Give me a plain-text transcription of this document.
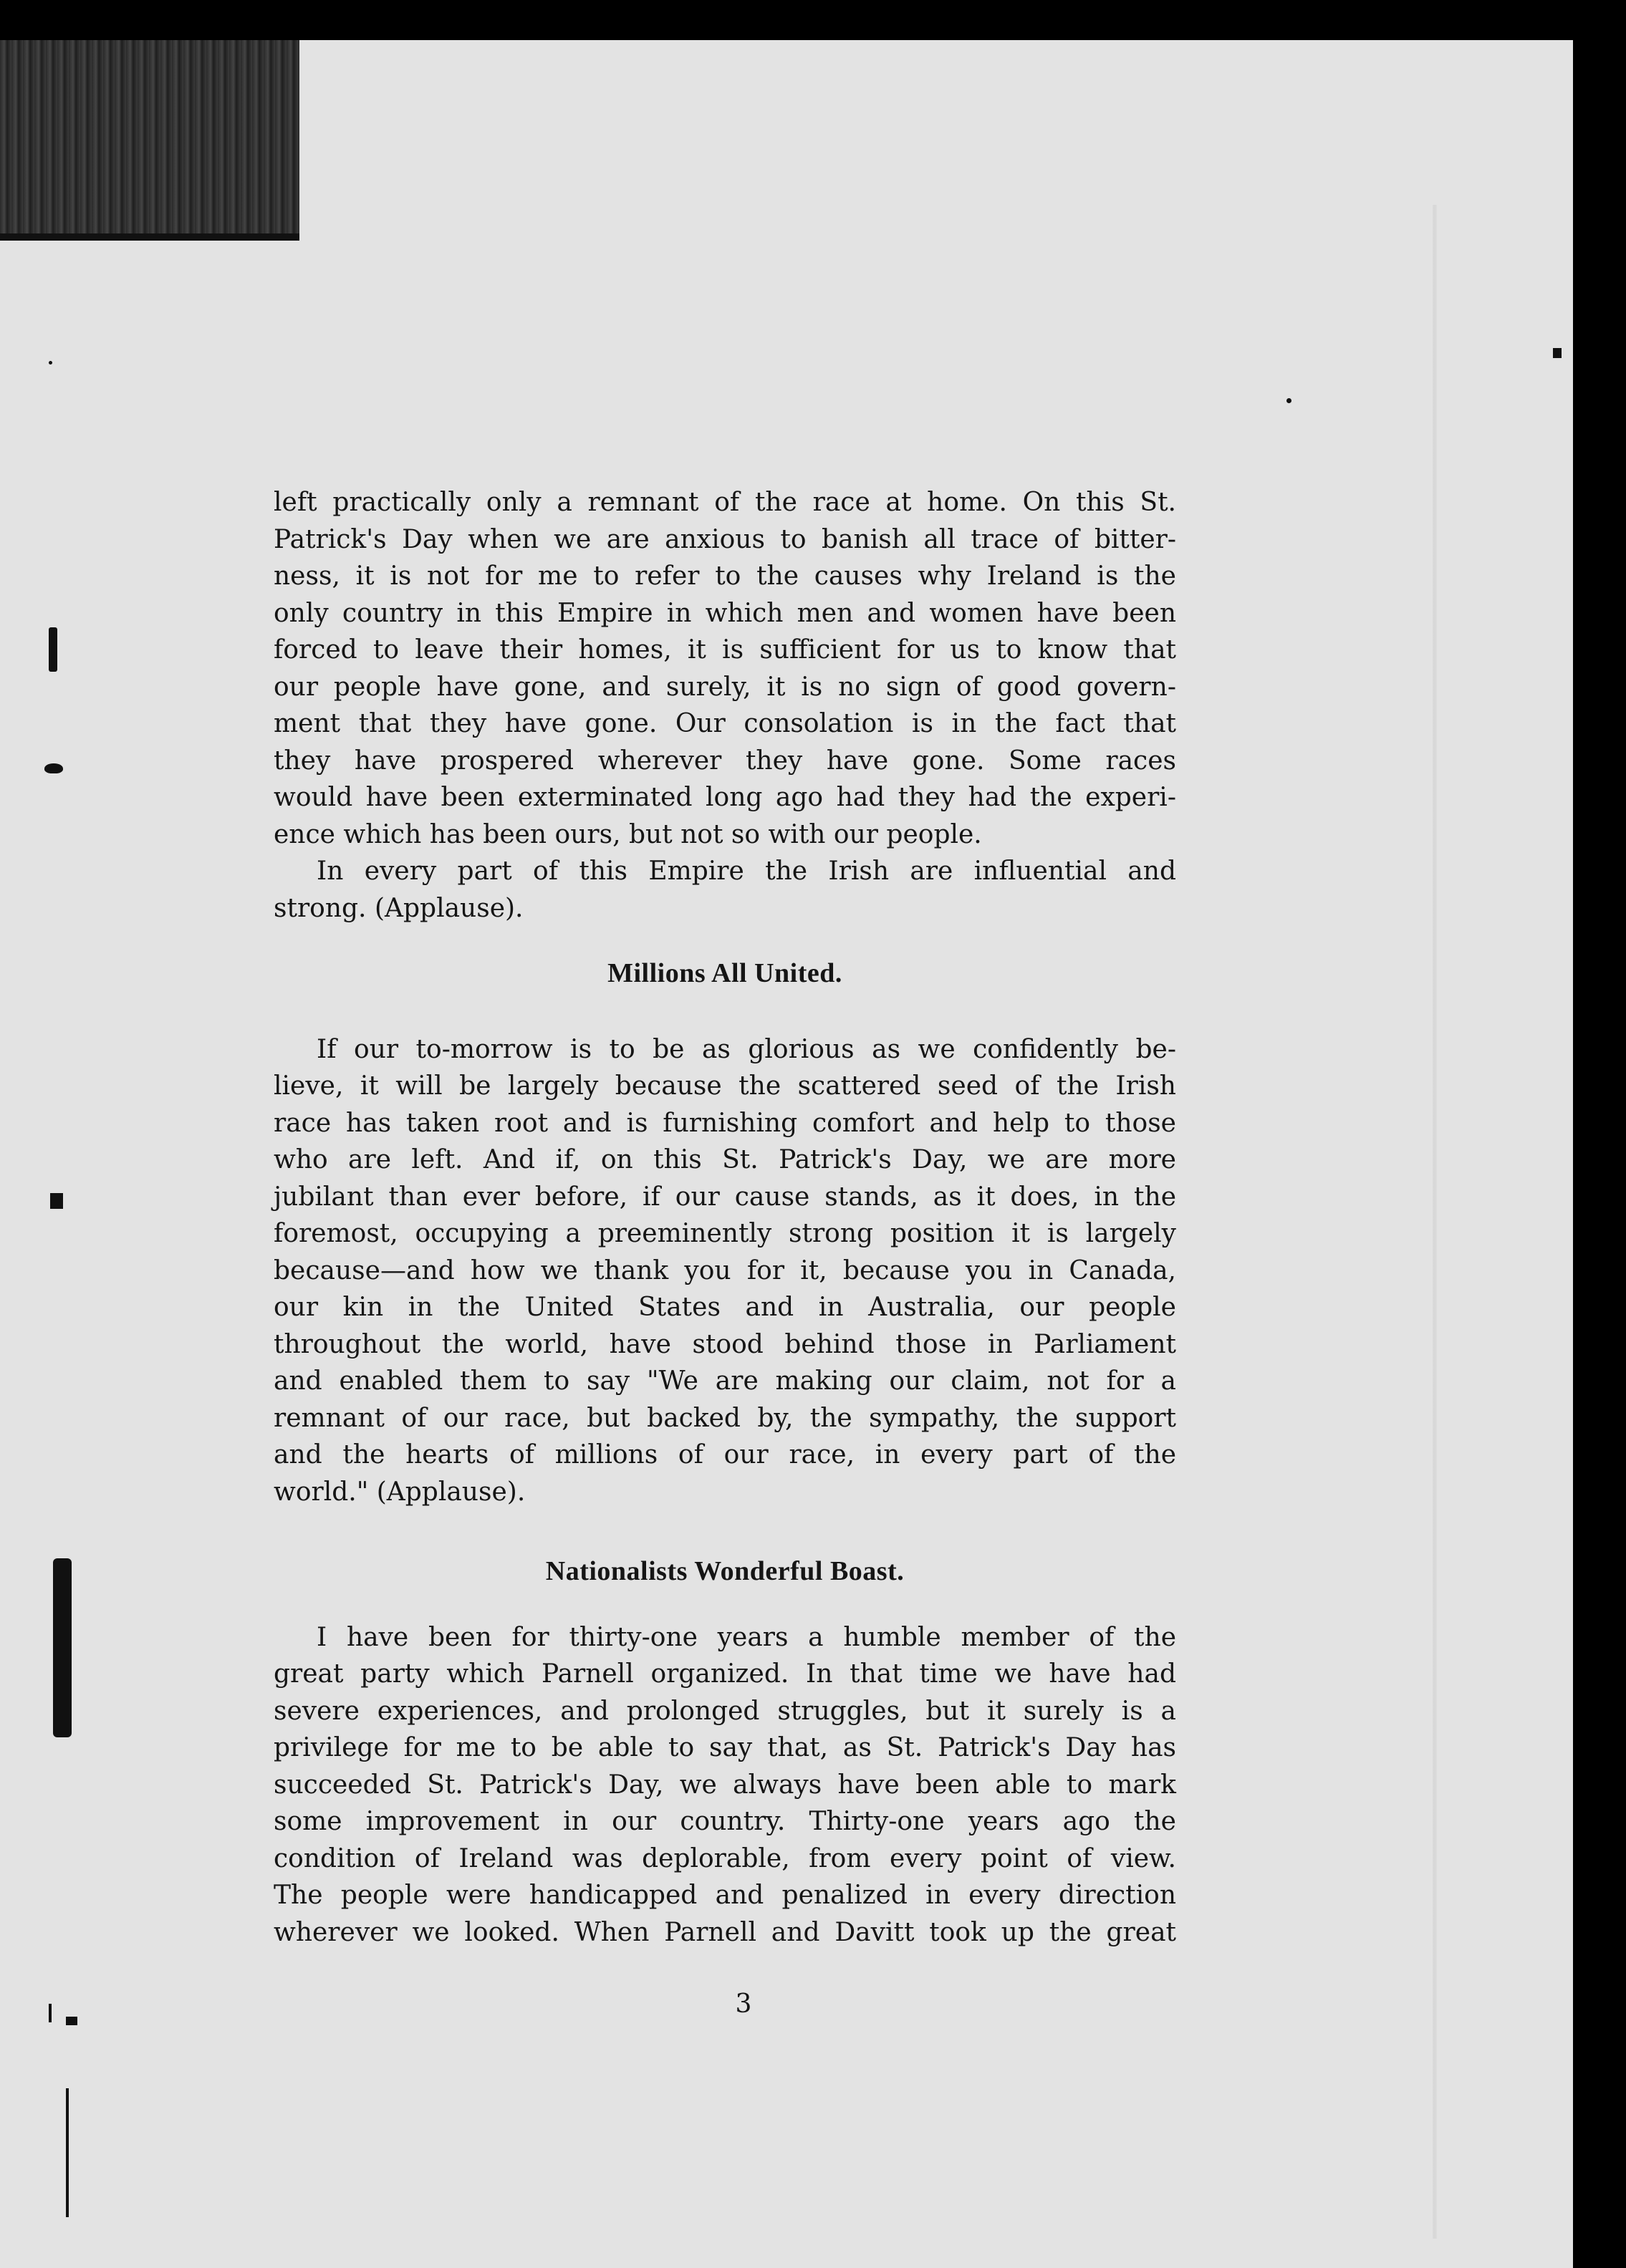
left practically only a remnant of the race at home. On this St.
Patrick's Day when we are anxious to banish all trace of bitter-
ness, it is not for me to refer to the causes why Ireland is the
only country in this Empire in which men and women have been
forced to leave their homes, it is sufficient for us to know that
our people have gone, and surely, it is no sign of good govern-
ment that they have gone. Our consolation is in the fact that
they have prospered wherever they have gone. Some races
would have been exterminated long ago had they had the experi-
ence which has been ours, but not so with our people.

In every part of this Empire the Irish are influential and
strong. (Applause).

Millions All United.

If our to-morrow is to be as glorious as we confidently be-
lieve, it will be largely because the scattered seed of the Irish
race has taken root and is furnishing comfort and help to those
who are left. And if, on this St. Patrick's Day, we are more
jubilant than ever before, if our cause stands, as it does, in the
foremost, occupying a preeminently strong position it is largely
because—and how we thank you for it, because you in Canada,
our kin in the United States and in Australia, our people
throughout the world, have stood behind those in Parliament
and enabled them to say "We are making our claim, not for a
remnant of our race, but backed by, the sympathy, the support
and the hearts of millions of our race, in every part of the
world." (Applause).

Nationalists Wonderful Boast.

I have been for thirty-one years a humble member of the
great party which Parnell organized. In that time we have had
severe experiences, and prolonged struggles, but it surely is a
privilege for me to be able to say that, as St. Patrick's Day has
succeeded St. Patrick's Day, we always have been able to mark
some improvement in our country. Thirty-one years ago the
condition of Ireland was deplorable, from every point of view.
The people were handicapped and penalized in every direction
wherever we looked. When Parnell and Davitt took up the great

3
